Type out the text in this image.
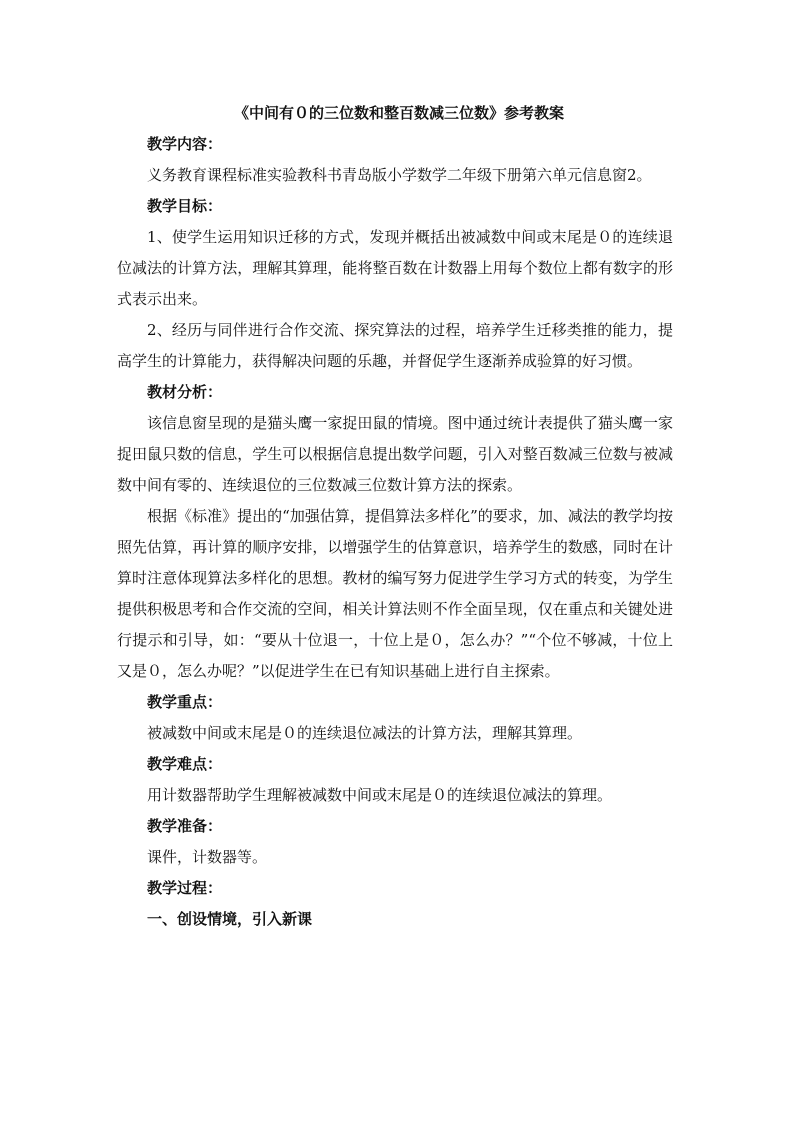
《中间有０的三位数和整百数减三位数》参考教案

教学内容：

义务教育课程标准实验教科书青岛版小学数学二年级下册第六单元信息窗2。

教学目标：

1、使学生运用知识迁移的方式，发现并概括出被减数中间或末尾是０的连续退位减法的计算方法，理解其算理，能将整百数在计数器上用每个数位上都有数字的形式表示出来。

2、经历与同伴进行合作交流、探究算法的过程，培养学生迁移类推的能力，提高学生的计算能力，获得解决问题的乐趣，并督促学生逐渐养成验算的好习惯。

教材分析：

该信息窗呈现的是猫头鹰一家捉田鼠的情境。图中通过统计表提供了猫头鹰一家捉田鼠只数的信息，学生可以根据信息提出数学问题，引入对整百数减三位数与被减数中间有零的、连续退位的三位数减三位数计算方法的探索。

根据《标准》提出的“加强估算，提倡算法多样化”的要求，加、减法的教学均按照先估算，再计算的顺序安排，以增强学生的估算意识，培养学生的数感，同时在计算时注意体现算法多样化的思想。教材的编写努力促进学生学习方式的转变，为学生提供积极思考和合作交流的空间，相关计算法则不作全面呈现，仅在重点和关键处进行提示和引导，如：“要从十位退一，十位上是０，怎么办？”“个位不够减，十位上又是０，怎么办呢？”以促进学生在已有知识基础上进行自主探索。

教学重点：

被减数中间或末尾是０的连续退位减法的计算方法，理解其算理。

教学难点：

用计数器帮助学生理解被减数中间或末尾是０的连续退位减法的算理。

教学准备：

课件，计数器等。

教学过程：

一、创设情境，引入新课
